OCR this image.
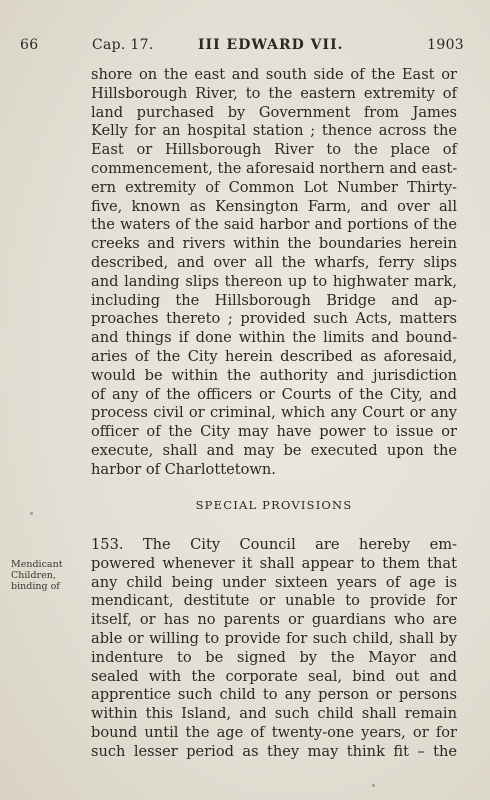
66	Cap. 17.	III EDWARD VII.	1903
shore on the east and south side of the East or
Hillsborough River, to the eastern extremity of
land purchased by Government from James
Kelly for an hospital station ; thence across the
East or Hillsborough River to the place of
commencement, the aforesaid northern and east-
ern extremity of Common Lot Number Thirty-
five, known as Kensington Farm, and over all
the waters of the said harbor and portions of the
creeks and rivers within the boundaries herein
described, and over all the wharfs, ferry slips
and landing slips thereon up to highwater mark,
including the Hillsborough Bridge and ap-
proaches thereto ; provided such Acts, matters
and things if done within the limits and bound-
aries of the City herein described as aforesaid,
would be within the authority and jurisdiction
of any of the officers or Courts of the City, and
process civil or criminal, which any Court or any
officer of the City may have power to issue or
execute, shall and may be executed upon the
harbor of Charlottetown.
SPECIAL PROVISIONS
Mendicant
Children,
binding of
153. The City Council are hereby em-
powered whenever it shall appear to them that
any child being under sixteen years of age is
mendicant, destitute or unable to provide for
itself, or has no parents or guardians who are
able or willing to provide for such child, shall by
indenture to be signed by the Mayor and
sealed with the corporate seal, bind out and
apprentice such child to any person or persons
within this Island, and such child shall remain
bound until the age of twenty-one years, or for
such lesser period as they may think fit – the
